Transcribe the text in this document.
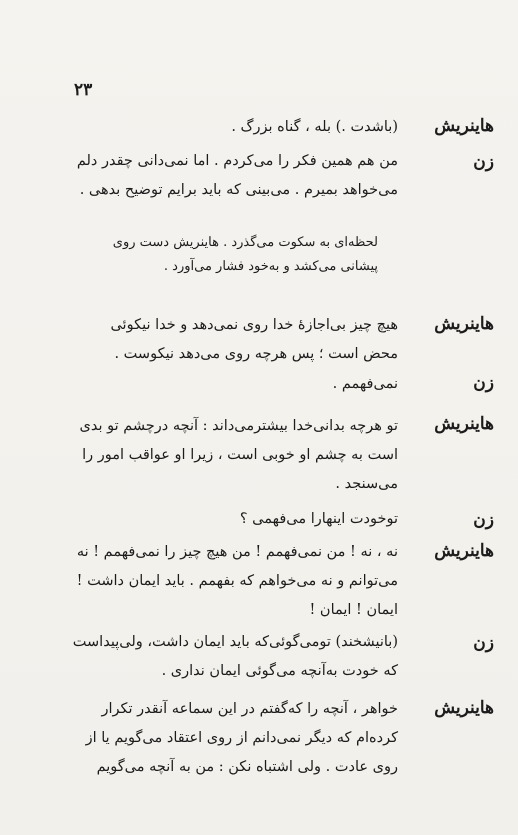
۲۳
هاینریش
(باشدت .) بله ، گناه بزرگ .
زن
من هم همین فکر را می‌کردم . اما نمی‌دانی چقدر دلم
می‌خواهد بمیرم . می‌بینی که باید برایم توضیح بدهی .
لحظه‌ای به سکوت می‌گذرد . هاینریش دست روی
پیشانی می‌کشد و به‌خود فشار می‌آورد .
هاینریش
هیچ چیز بی‌اجازهٔ خدا روی نمی‌دهد و خدا نیکوئی
محض است ؛ پس هرچه روی می‌دهد نیکوست .
زن
نمی‌فهمم .
هاینریش
تو هرچه بدانی‌خدا بیشتر‌می‌داند : آنچه درچشم تو بدی
است به چشم او خوبی است ، زیرا او عواقب امور را
می‌سنجد .
زن
توخودت اینهارا می‌فهمی ؟
هاینریش
نه ، نه ! من نمی‌فهمم ! من هیچ چیز را نمی‌فهمم ! نه
می‌توانم و نه می‌خواهم که بفهمم . باید ایمان داشت !
ایمان ! ایمان !
زن
(بانیشخند) تومی‌گوئی‌که باید ایمان داشت، ولی‌پیداست
که خودت به‌آنچه می‌گوئی ایمان نداری .
هاینریش
خواهر ، آنچه را که‌گفتم در این سماعه آنقدر تکرار
کرده‌ام که دیگر نمی‌دانم از روی اعتقاد می‌گویم یا از
روی عادت . ولی اشتباه نکن : من به آنچه می‌گویم
